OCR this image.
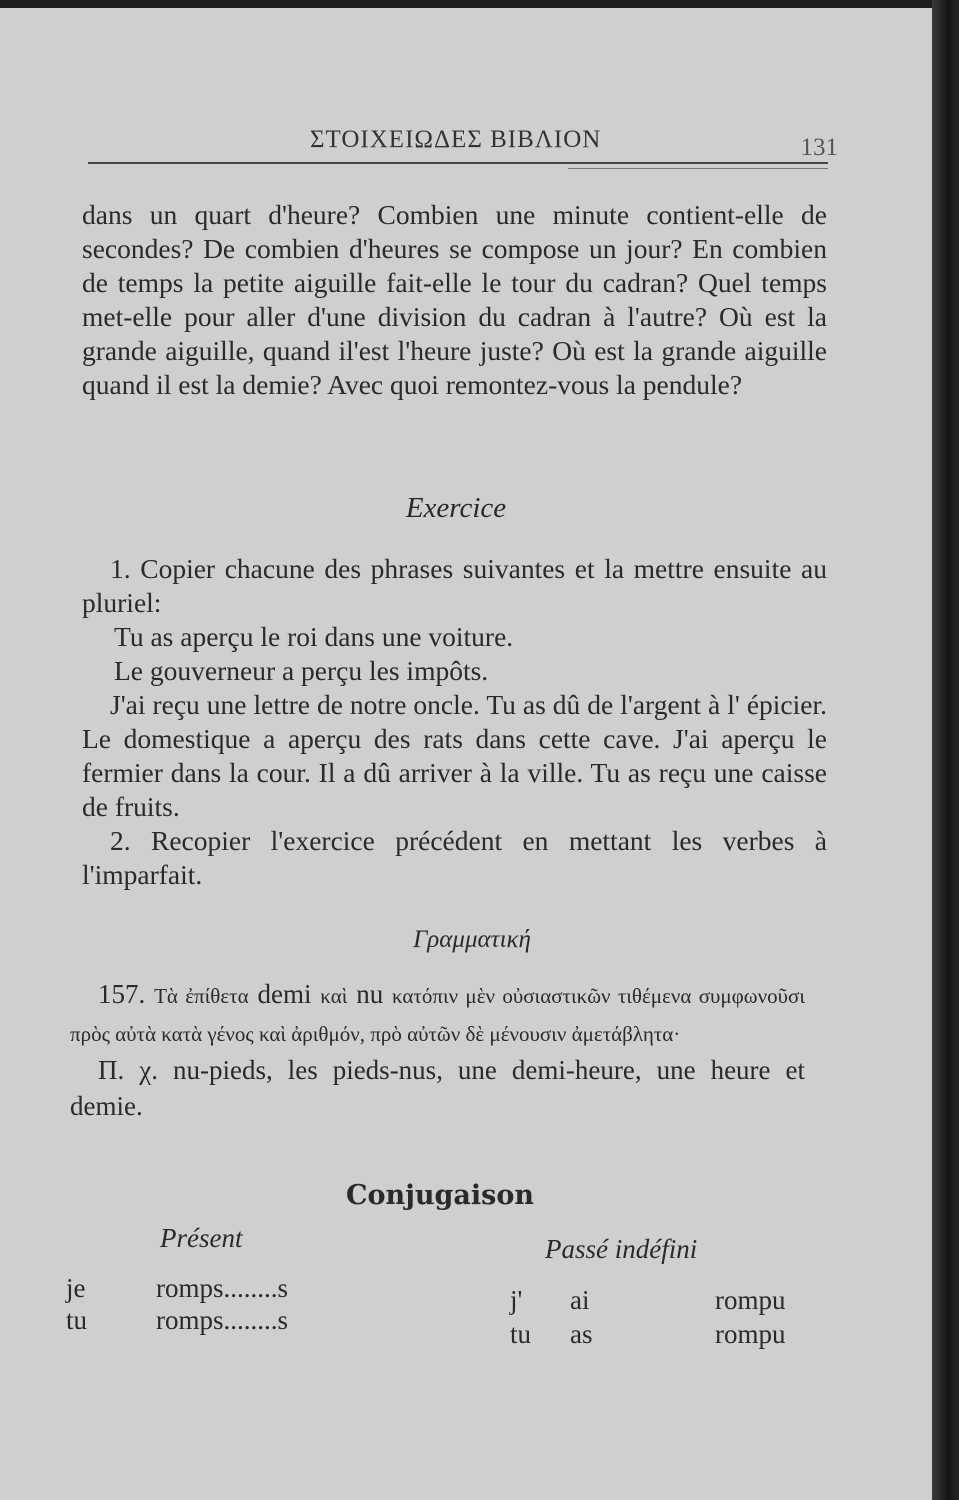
ΣΤΟΙΧΕΙΩΔΕΣ ΒΙΒΛΙΟΝ	131
dans un quart d'heure? Combien une minute contient-elle de secondes? De combien d'heures se compose un jour? En combien de temps la petite aiguille fait-elle le tour du cadran? Quel temps met-elle pour aller d'une division du cadran à l'autre? Où est la grande aiguille, quand il'est l'heure juste? Où est la grande aiguille quand il est la demie? Avec quoi remontez-vous la pendule?
Exercice

1. Copier chacune des phrases suivantes et la mettre ensuite au pluriel:

Tu as aperçu le roi dans une voiture.

Le gouverneur a perçu les impôts.

J'ai reçu une lettre de notre oncle. Tu as dû de l'argent à l' épicier. Le domestique a aperçu des rats dans cette cave. J'ai aperçu le fermier dans la cour. Il a dû arriver à la ville. Tu as reçu une caisse de fruits.

2. Recopier l'exercice précédent en mettant les verbes à l'imparfait.

Γραμματική
157. Τὰ ἐπίθετα demi καὶ nu κατόπιν μὲν οὐσιαστικῶν τιθέμενα συμφωνοῦσι πρὸς αὐτὰ κατὰ γένος καὶ ἀριθμόν, πρὸ αὐτῶν δὲ μένουσιν ἀμετάβλητα·
Π. χ. nu-pieds, les pieds-nus, une demi-heure, une heure et demie.
Conjugaison
Présent	Passé indéfini
je	romps........s
tu	romps........s
j' ai	rompu
tu as	rompu
